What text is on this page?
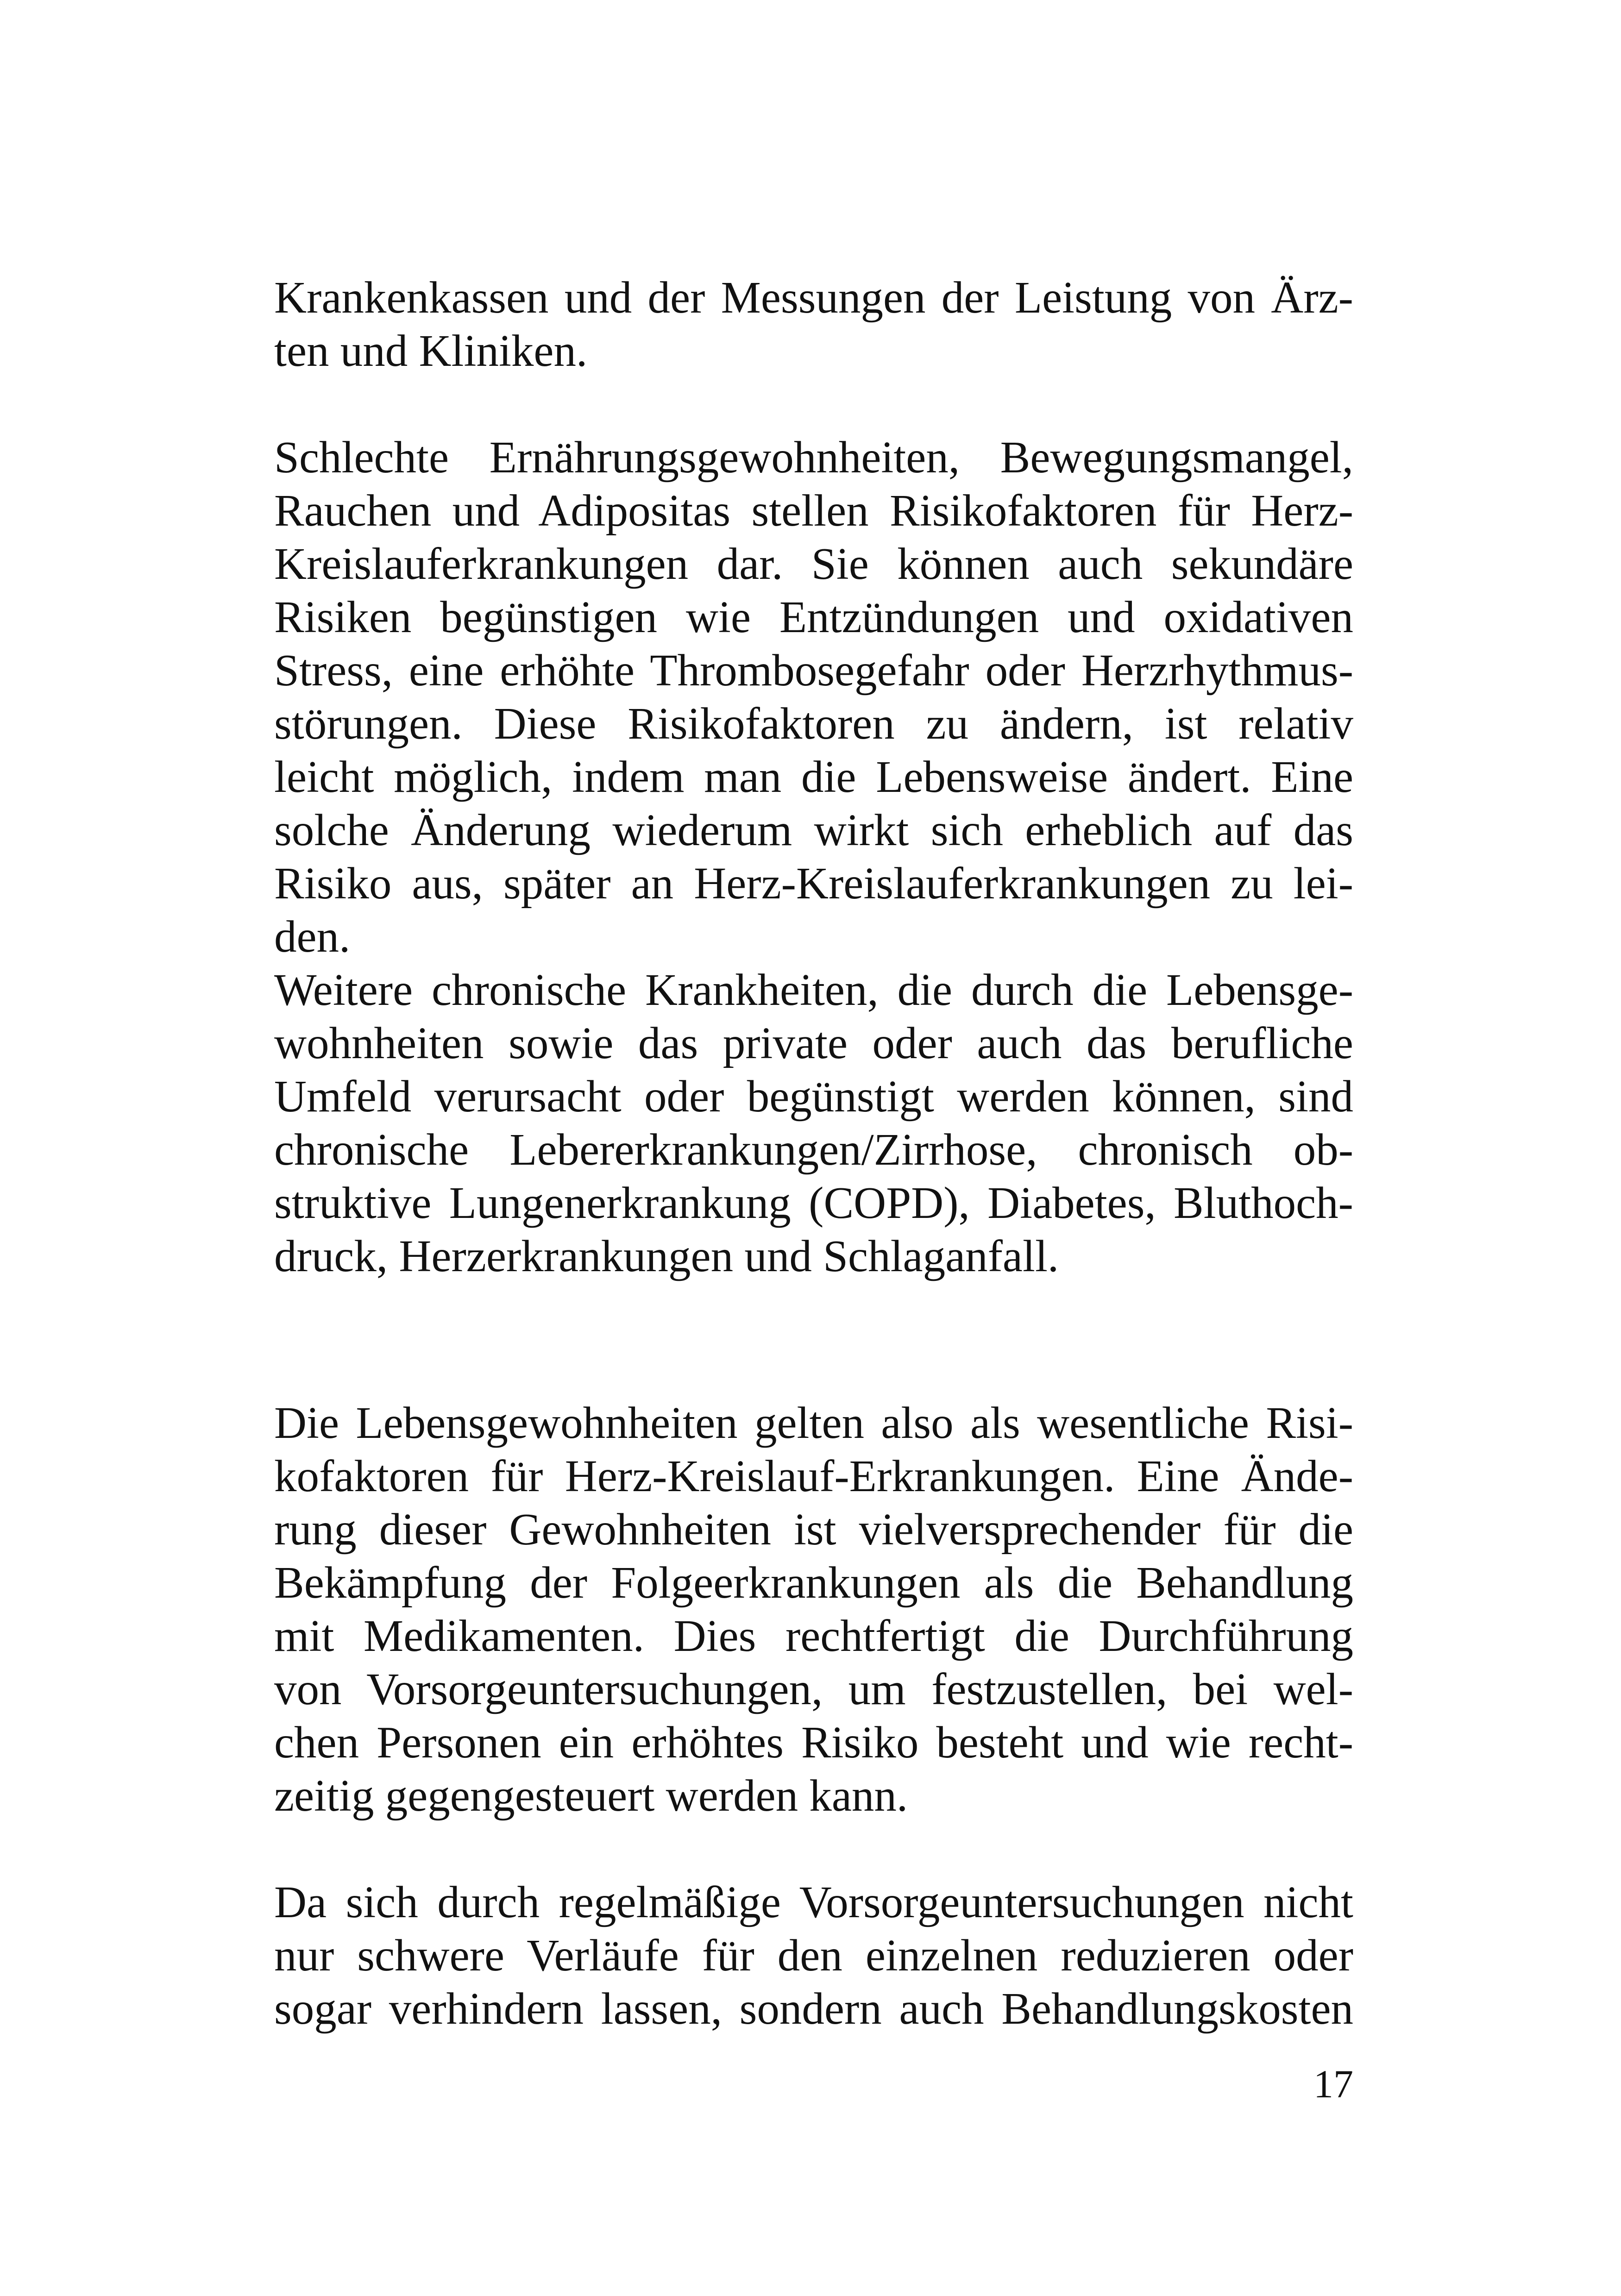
Krankenkassen und der Messungen der Leistung von Ärz-
ten und Kliniken.
Schlechte Ernährungsgewohnheiten, Bewegungsmangel,
Rauchen und Adipositas stellen Risikofaktoren für Herz-
Kreislauferkrankungen dar. Sie können auch sekundäre
Risiken begünstigen wie Entzündungen und oxidativen
Stress, eine erhöhte Thrombosegefahr oder Herzrhythmus-
störungen. Diese Risikofaktoren zu ändern, ist relativ
leicht möglich, indem man die Lebensweise ändert. Eine
solche Änderung wiederum wirkt sich erheblich auf das
Risiko aus, später an Herz-Kreislauferkrankungen zu lei-
den.
Weitere chronische Krankheiten, die durch die Lebensge-
wohnheiten sowie das private oder auch das berufliche
Umfeld verursacht oder begünstigt werden können, sind
chronische Lebererkrankungen/Zirrhose, chronisch ob-
struktive Lungenerkrankung (COPD), Diabetes, Bluthoch-
druck, Herzerkrankungen und Schlaganfall.
Die Lebensgewohnheiten gelten also als wesentliche Risi-
kofaktoren für Herz-Kreislauf-Erkrankungen. Eine Ände-
rung dieser Gewohnheiten ist vielversprechender für die
Bekämpfung der Folgeerkrankungen als die Behandlung
mit Medikamenten. Dies rechtfertigt die Durchführung
von Vorsorgeuntersuchungen, um festzustellen, bei wel-
chen Personen ein erhöhtes Risiko besteht und wie recht-
zeitig gegengesteuert werden kann.
Da sich durch regelmäßige Vorsorgeuntersuchungen nicht
nur schwere Verläufe für den einzelnen reduzieren oder
sogar verhindern lassen, sondern auch Behandlungskosten
17
